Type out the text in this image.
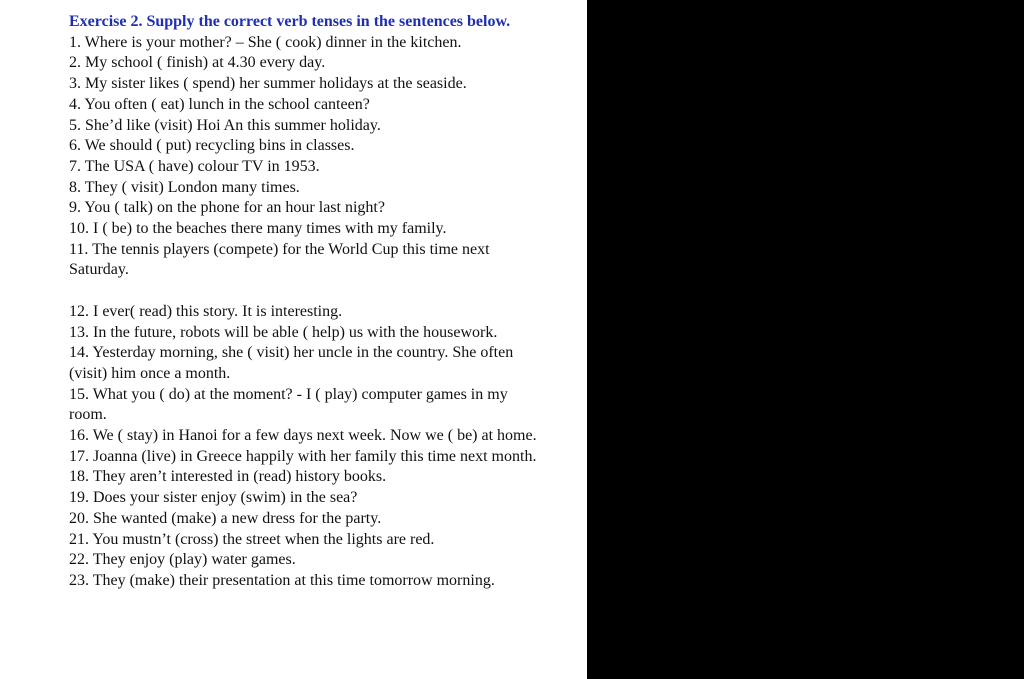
Exercise 2. Supply the correct verb tenses in the sentences below.

1. Where is your mother? – She ( cook) dinner in the kitchen.

2. My school ( finish) at 4.30 every day.

3. My sister likes ( spend) her summer holidays at the seaside.

4. You often ( eat) lunch in the school canteen?

5. She’d like (visit) Hoi An this summer holiday.

6. We should ( put) recycling bins in classes.

7. The USA ( have) colour TV in 1953.

8. They ( visit) London many times.

9. You ( talk) on the phone for an hour last night?

10. I ( be) to the beaches there many times with my family.

11. The tennis players (compete) for the World Cup this time next Saturday.

12. I ever( read) this story. It is interesting.

13. In the future, robots will be able ( help) us with the housework.

14. Yesterday morning, she ( visit) her uncle in the country. She often (visit) him once a month.

15. What you ( do) at the moment? - I ( play) computer games in my room.

16. We ( stay) in Hanoi for a few days next week. Now we ( be) at home.

17. Joanna (live) in Greece happily with her family this time next month.

18. They aren’t interested in (read) history books.

19. Does your sister enjoy (swim) in the sea?

20. She wanted (make) a new dress for the party.

21. You mustn’t (cross) the street when the lights are red.

22. They enjoy (play) water games.

23. They (make) their presentation at this time tomorrow morning.
